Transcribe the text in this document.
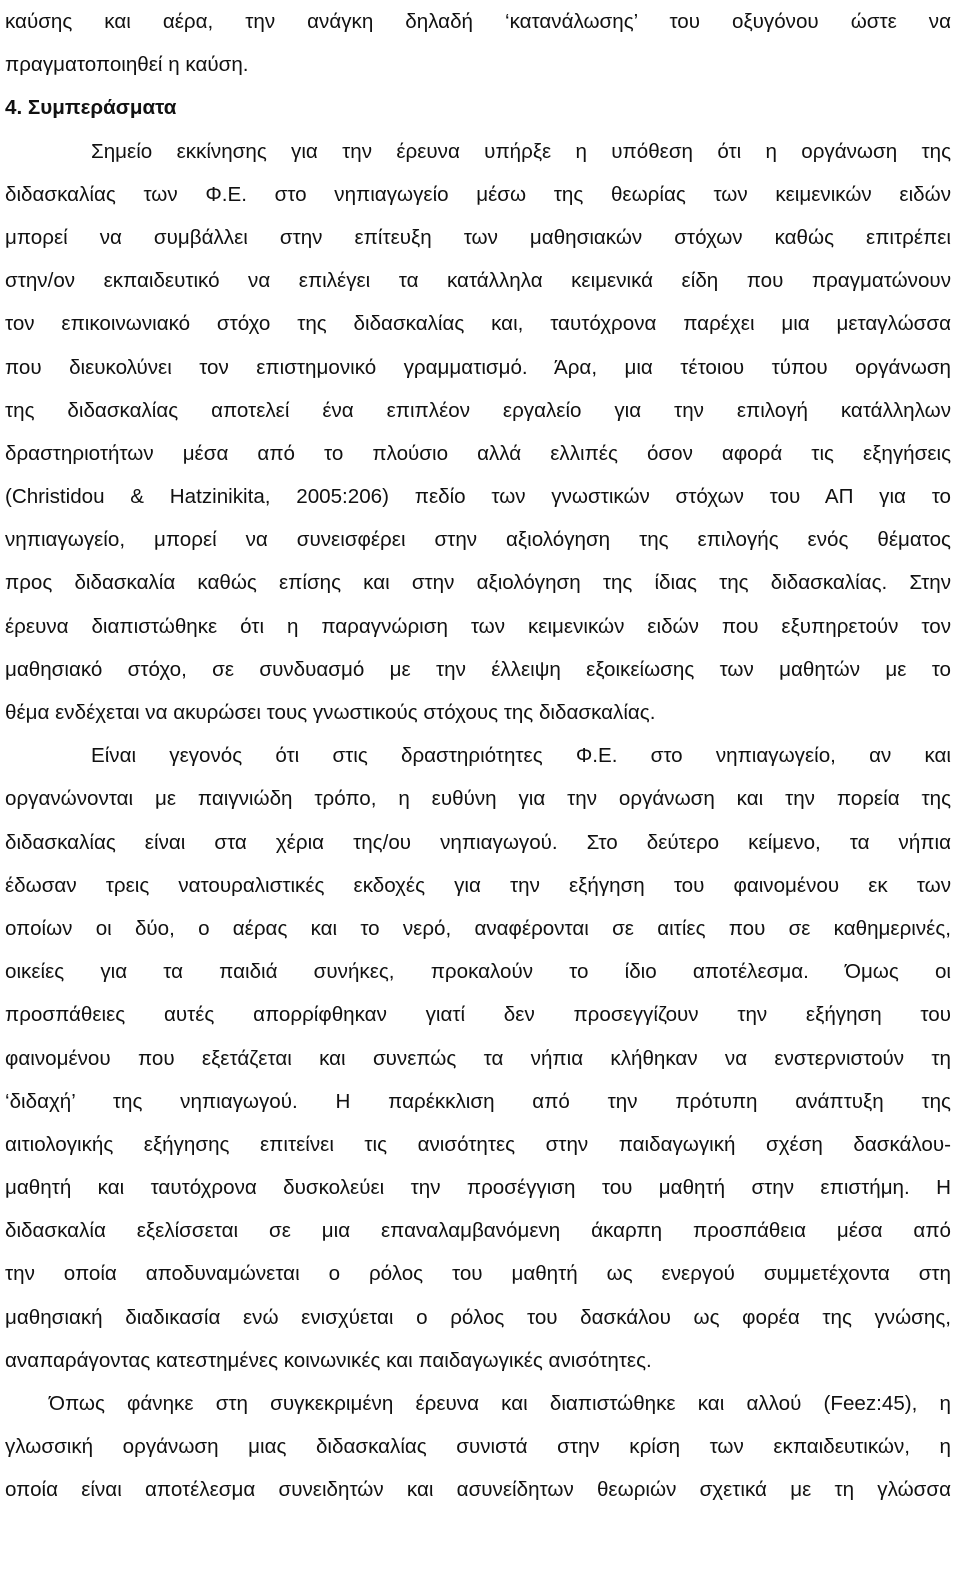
καύσης και αέρα, την ανάγκη δηλαδή ‘κατανάλωσης’ του οξυγόνου ώστε να
πραγματοποιηθεί η καύση.
4. Συμπεράσματα
Σημείο εκκίνησης για την έρευνα υπήρξε η υπόθεση ότι η οργάνωση της
διδασκαλίας των Φ.Ε. στο νηπιαγωγείο μέσω της θεωρίας των κειμενικών ειδών
μπορεί να συμβάλλει στην επίτευξη των μαθησιακών στόχων καθώς επιτρέπει
στην/ον εκπαιδευτικό να επιλέγει τα κατάλληλα κειμενικά είδη που πραγματώνουν
τον επικοινωνιακό στόχο της διδασκαλίας και, ταυτόχρονα παρέχει μια μεταγλώσσα
που διευκολύνει τον επιστημονικό γραμματισμό. Άρα, μια τέτοιου τύπου οργάνωση
της διδασκαλίας αποτελεί ένα επιπλέον εργαλείο για την επιλογή κατάλληλων
δραστηριοτήτων μέσα από το πλούσιο αλλά ελλιπές όσον αφορά τις εξηγήσεις
(Christidou & Hatzinikita, 2005:206) πεδίο των γνωστικών στόχων του ΑΠ για το
νηπιαγωγείο, μπορεί να συνεισφέρει στην αξιολόγηση της επιλογής ενός θέματος
προς διδασκαλία καθώς επίσης και στην αξιολόγηση της ίδιας της διδασκαλίας. Στην
έρευνα διαπιστώθηκε ότι η παραγνώριση των κειμενικών ειδών που εξυπηρετούν τον
μαθησιακό στόχο, σε συνδυασμό με την έλλειψη εξοικείωσης των μαθητών με το
θέμα ενδέχεται να ακυρώσει τους γνωστικούς στόχους της διδασκαλίας.
Είναι γεγονός ότι στις δραστηριότητες Φ.Ε. στο νηπιαγωγείο, αν και
οργανώνονται με παιγνιώδη τρόπο, η ευθύνη για την οργάνωση και την πορεία της
διδασκαλίας είναι στα χέρια της/ου νηπιαγωγού. Στο δεύτερο κείμενο, τα νήπια
έδωσαν τρεις νατουραλιστικές εκδοχές για την εξήγηση του φαινομένου εκ των
οποίων οι δύο, ο αέρας και το νερό, αναφέρονται σε αιτίες που σε καθημερινές,
οικείες για τα παιδιά συνήκες, προκαλούν το ίδιο αποτέλεσμα. Όμως οι
προσπάθειες αυτές απορρίφθηκαν γιατί δεν προσεγγίζουν την εξήγηση του
φαινομένου που εξετάζεται και συνεπώς τα νήπια κλήθηκαν να ενστερνιστούν τη
‘διδαχή’ της νηπιαγωγού. Η παρέκκλιση από την πρότυπη ανάπτυξη της
αιτιολογικής εξήγησης επιτείνει τις ανισότητες στην παιδαγωγική σχέση δασκάλου-
μαθητή και ταυτόχρονα δυσκολεύει την προσέγγιση του μαθητή στην επιστήμη. Η
διδασκαλία εξελίσσεται σε μια επαναλαμβανόμενη άκαρπη προσπάθεια μέσα από
την οποία αποδυναμώνεται ο ρόλος του μαθητή ως ενεργού συμμετέχοντα στη
μαθησιακή διαδικασία ενώ ενισχύεται ο ρόλος του δασκάλου ως φορέα της γνώσης,
αναπαράγοντας κατεστημένες κοινωνικές και παιδαγωγικές ανισότητες.
Όπως φάνηκε στη συγκεκριμένη έρευνα και διαπιστώθηκε και αλλού (Feez:45), η
γλωσσική οργάνωση μιας διδασκαλίας συνιστά στην κρίση των εκπαιδευτικών, η
οποία είναι αποτέλεσμα συνειδητών και ασυνείδητων θεωριών σχετικά με τη γλώσσα
